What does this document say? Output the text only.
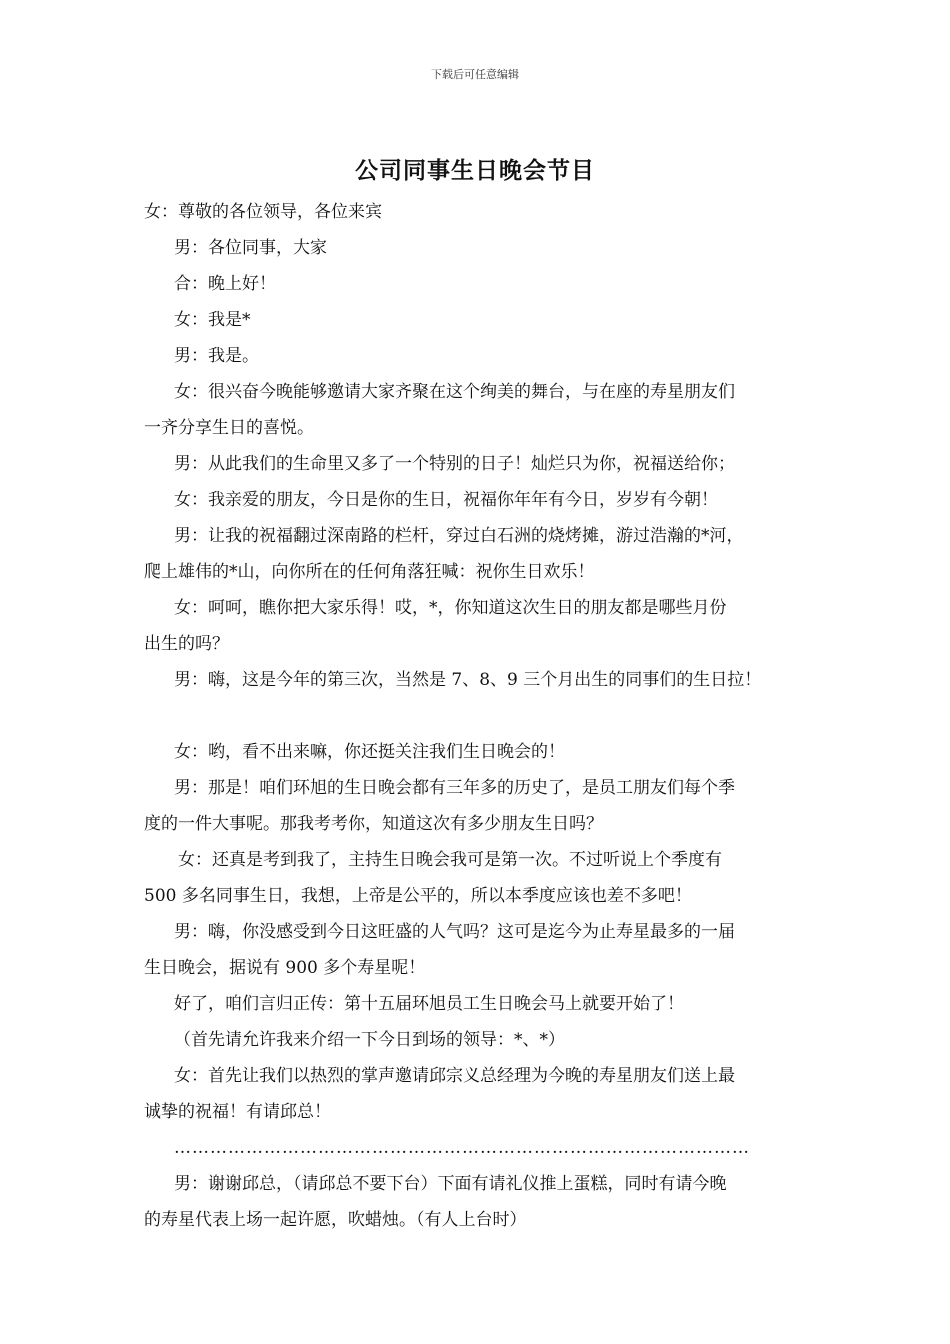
下载后可任意编辑
公司同事生日晚会节目

女：尊敬的各位领导，各位来宾

男：各位同事，大家

合：晚上好！

女：我是*

男：我是。

女：很兴奋今晚能够邀请大家齐聚在这个绚美的舞台，与在座的寿星朋友们

一齐分享生日的喜悦。

男：从此我们的生命里又多了一个特别的日子！灿烂只为你，祝福送给你；

女：我亲爱的朋友，今日是你的生日，祝福你年年有今日，岁岁有今朝！

男：让我的祝福翻过深南路的栏杆，穿过白石洲的烧烤摊，游过浩瀚的*河，

爬上雄伟的*山，向你所在的任何角落狂喊：祝你生日欢乐！

女：呵呵，瞧你把大家乐得！哎，*，你知道这次生日的朋友都是哪些月份

出生的吗？

男：嗨，这是今年的第三次，当然是 7、8、9 三个月出生的同事们的生日拉！

女：哟，看不出来嘛，你还挺关注我们生日晚会的！

男：那是！咱们环旭的生日晚会都有三年多的历史了，是员工朋友们每个季

度的一件大事呢。那我考考你，知道这次有多少朋友生日吗？

女：还真是考到我了，主持生日晚会我可是第一次。不过听说上个季度有

500 多名同事生日，我想，上帝是公平的，所以本季度应该也差不多吧！

男：嗨，你没感受到今日这旺盛的人气吗？这可是迄今为止寿星最多的一届

生日晚会，据说有 900 多个寿星呢！

好了，咱们言归正传：第十五届环旭员工生日晚会马上就要开始了！

（首先请允许我来介绍一下今日到场的领导：*、*）

女：首先让我们以热烈的掌声邀请邱宗义总经理为今晚的寿星朋友们送上最

诚挚的祝福！有请邱总！

……………………………………………………………………………………

男：谢谢邱总，（请邱总不要下台）下面有请礼仪推上蛋糕，同时有请今晚

的寿星代表上场一起许愿，吹蜡烛。（有人上台时）
